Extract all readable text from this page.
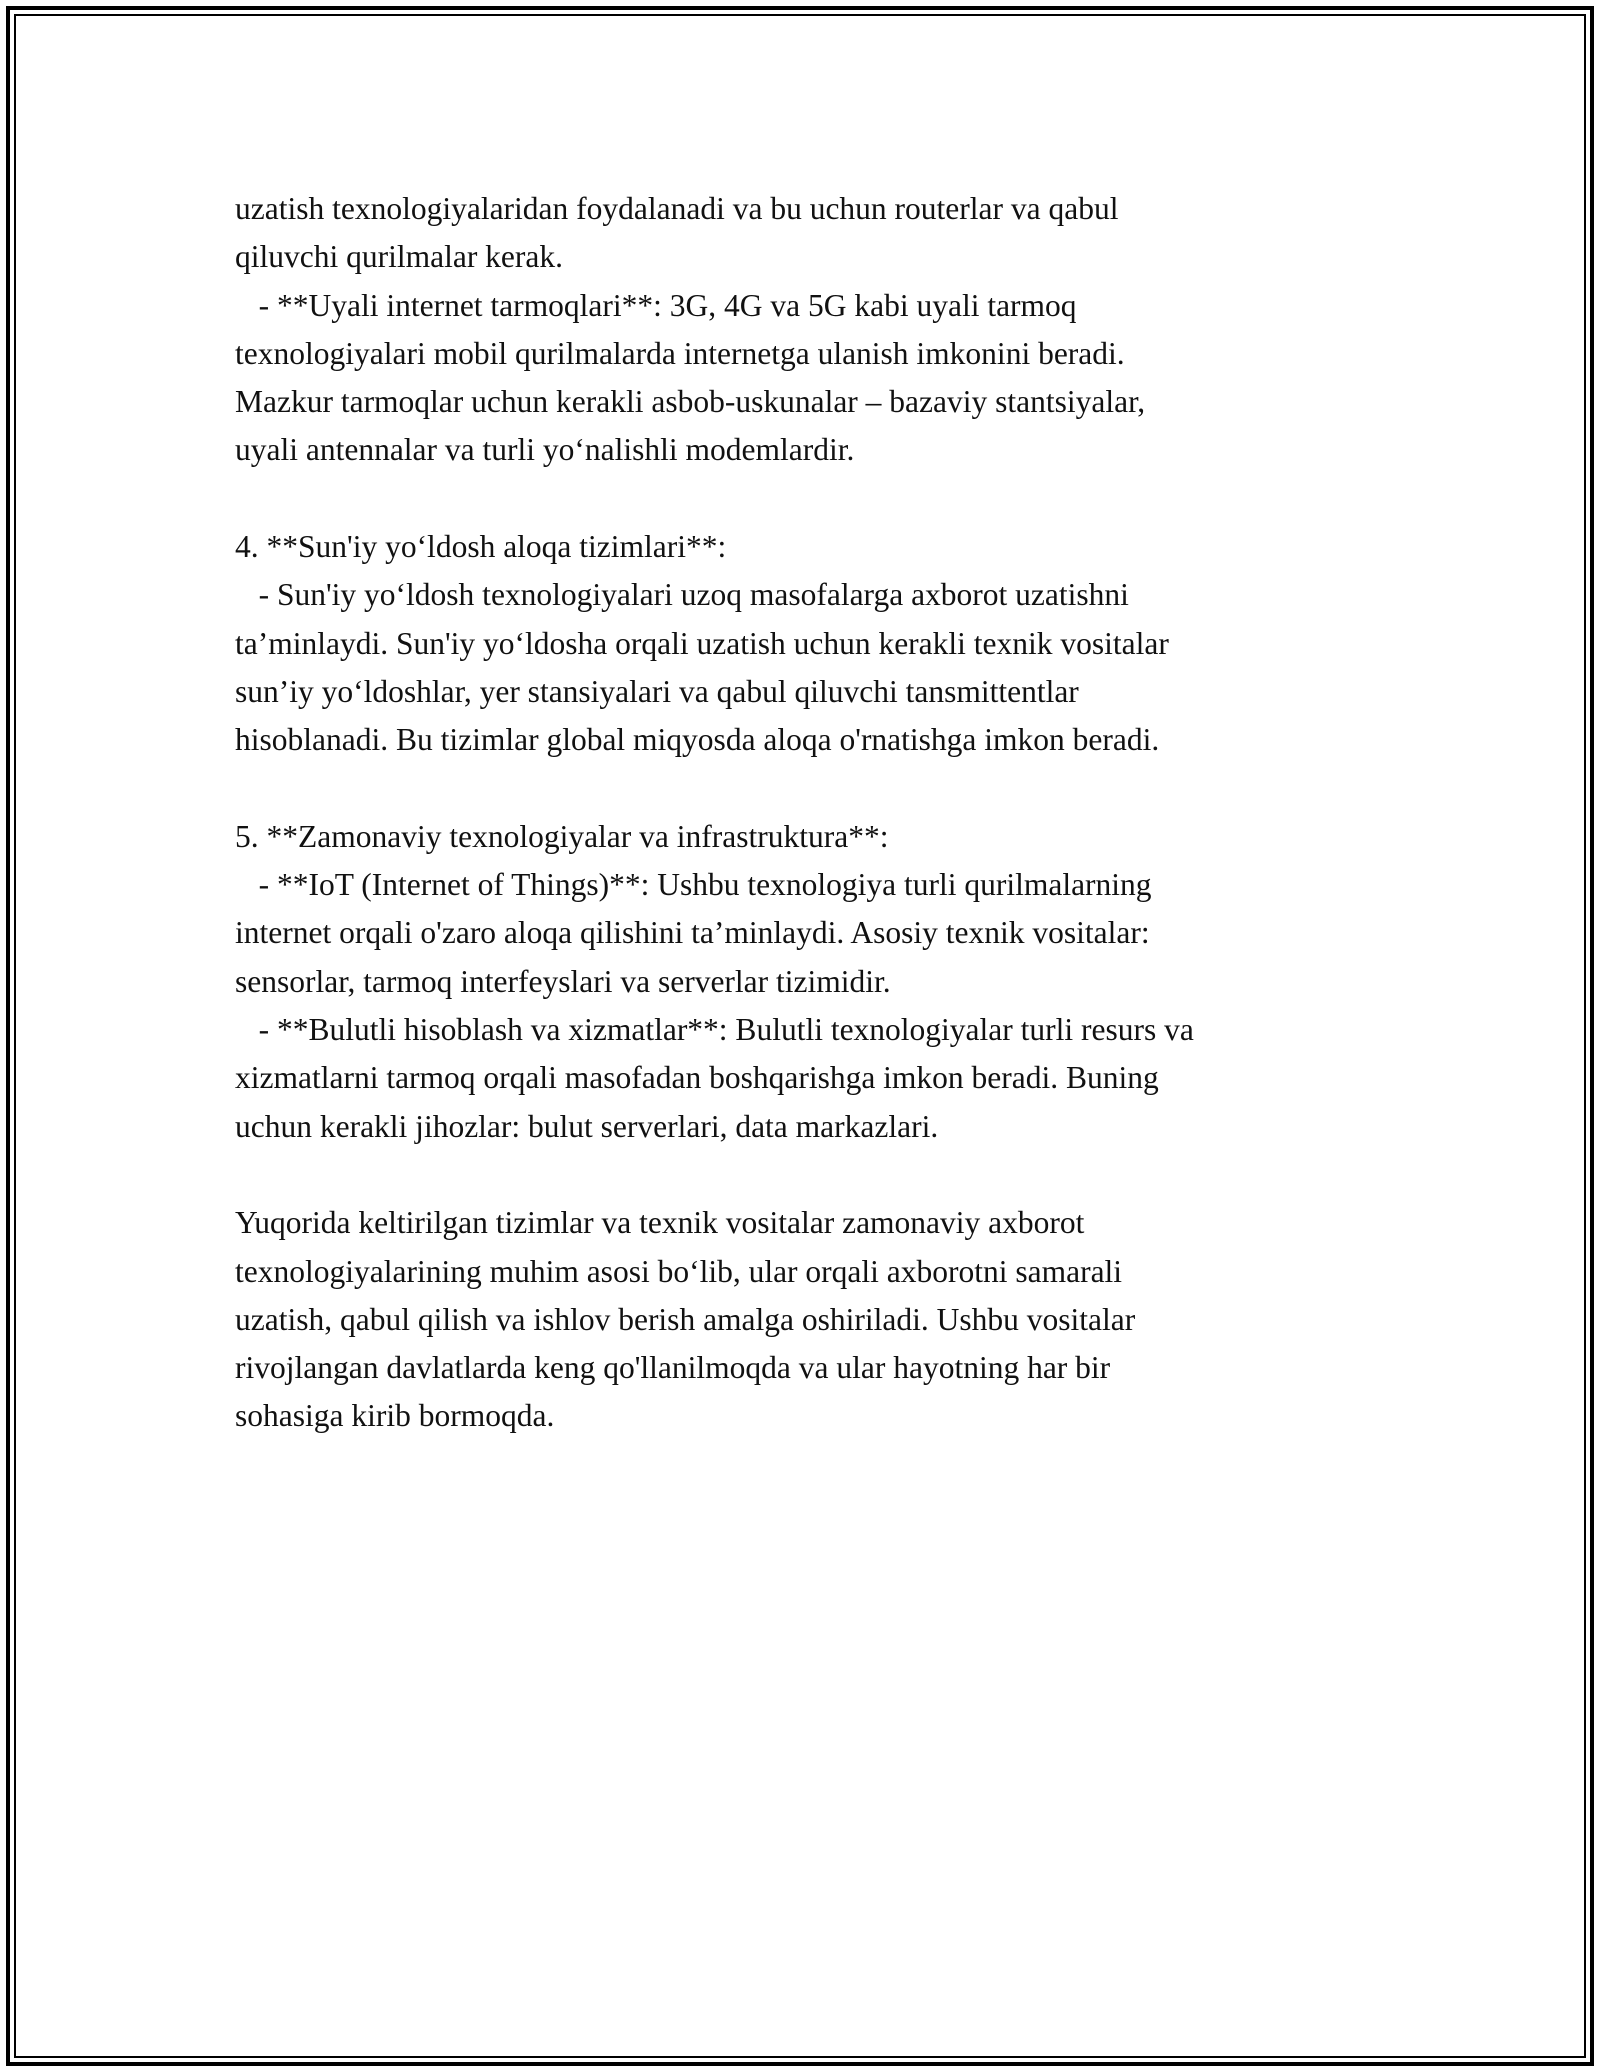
uzatish texnologiyalaridan foydalanadi va bu uchun routerlar va qabul
qiluvchi qurilmalar kerak.
- **Uyali internet tarmoqlari**: 3G, 4G va 5G kabi uyali tarmoq
texnologiyalari mobil qurilmalarda internetga ulanish imkonini beradi.
Mazkur tarmoqlar uchun kerakli asbob-uskunalar – bazaviy stantsiyalar,
uyali antennalar va turli yo‘nalishli modemlardir.
4. **Sun'iy yo‘ldosh aloqa tizimlari**:
- Sun'iy yo‘ldosh texnologiyalari uzoq masofalarga axborot uzatishni
ta’minlaydi. Sun'iy yo‘ldosha orqali uzatish uchun kerakli texnik vositalar
sun’iy yo‘ldoshlar, yer stansiyalari va qabul qiluvchi tansmittentlar
hisoblanadi. Bu tizimlar global miqyosda aloqa o'rnatishga imkon beradi.
5. **Zamonaviy texnologiyalar va infrastruktura**:
- **IoT (Internet of Things)**: Ushbu texnologiya turli qurilmalarning
internet orqali o'zaro aloqa qilishini ta’minlaydi. Asosiy texnik vositalar:
sensorlar, tarmoq interfeyslari va serverlar tizimidir.
- **Bulutli hisoblash va xizmatlar**: Bulutli texnologiyalar turli resurs va
xizmatlarni tarmoq orqali masofadan boshqarishga imkon beradi. Buning
uchun kerakli jihozlar: bulut serverlari, data markazlari.
Yuqorida keltirilgan tizimlar va texnik vositalar zamonaviy axborot
texnologiyalarining muhim asosi bo‘lib, ular orqali axborotni samarali
uzatish, qabul qilish va ishlov berish amalga oshiriladi. Ushbu vositalar
rivojlangan davlatlarda keng qo'llanilmoqda va ular hayotning har bir
sohasiga kirib bormoqda.
